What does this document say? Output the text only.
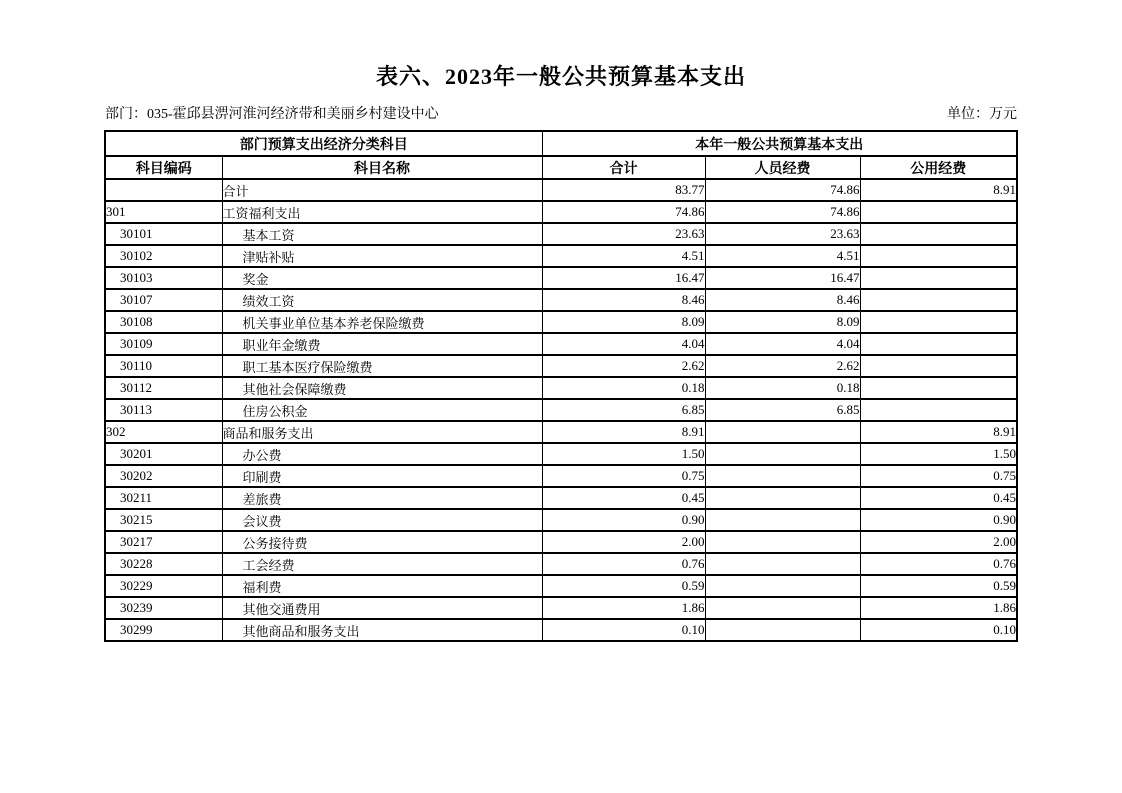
表六、2023年一般公共预算基本支出
部门：035-霍邱县淠河淮河经济带和美丽乡村建设中心	单位：万元
部门预算支出经济分类科目		本年一般公共预算基本支出		
科目编码	科目名称	合计	人员经费	公用经费
	合计	83.77	74.86	8.91
301	工资福利支出	74.86	74.86	
30101	基本工资	23.63	23.63	
30102	津贴补贴	4.51	4.51	
30103	奖金	16.47	16.47	
30107	绩效工资	8.46	8.46	
30108	机关事业单位基本养老保险缴费	8.09	8.09	
30109	职业年金缴费	4.04	4.04	
30110	职工基本医疗保险缴费	2.62	2.62	
30112	其他社会保障缴费	0.18	0.18	
30113	住房公积金	6.85	6.85	
302	商品和服务支出	8.91		8.91
30201	办公费	1.50		1.50
30202	印刷费	0.75		0.75
30211	差旅费	0.45		0.45
30215	会议费	0.90		0.90
30217	公务接待费	2.00		2.00
30228	工会经费	0.76		0.76
30229	福利费	0.59		0.59
30239	其他交通费用	1.86		1.86
30299	其他商品和服务支出	0.10		0.10
